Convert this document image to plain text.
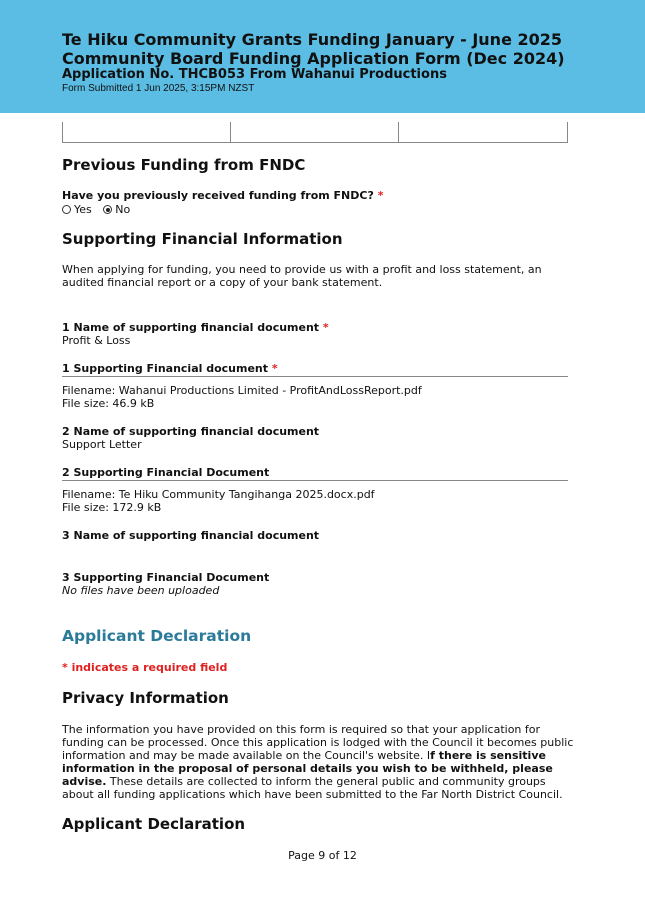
Te Hiku Community Grants Funding January - June 2025
Community Board Funding Application Form (Dec 2024)
Application No. THCB053 From Wahanui Productions
Form Submitted 1 Jun 2025, 3:15PM NZST
Previous Funding from FNDC
Have you previously received funding from FNDC? *
Yes No
Supporting Financial Information
When applying for funding, you need to provide us with a profit and loss statement, an
audited financial report or a copy of your bank statement.
1 Name of supporting financial document *
Profit & Loss
1 Supporting Financial document *
Filename: Wahanui Productions Limited - ProfitAndLossReport.pdf
File size: 46.9 kB
2 Name of supporting financial document
Support Letter
2 Supporting Financial Document
Filename: Te Hiku Community Tangihanga 2025.docx.pdf
File size: 172.9 kB
3 Name of supporting financial document
3 Supporting Financial Document
No files have been uploaded
Applicant Declaration
* indicates a required field
Privacy Information
The information you have provided on this form is required so that your application for
funding can be processed. Once this application is lodged with the Council it becomes public
information and may be made available on the Council's website. If there is sensitive
information in the proposal of personal details you wish to be withheld, please
advise. These details are collected to inform the general public and community groups
about all funding applications which have been submitted to the Far North District Council.
Applicant Declaration
Page 9 of 12
